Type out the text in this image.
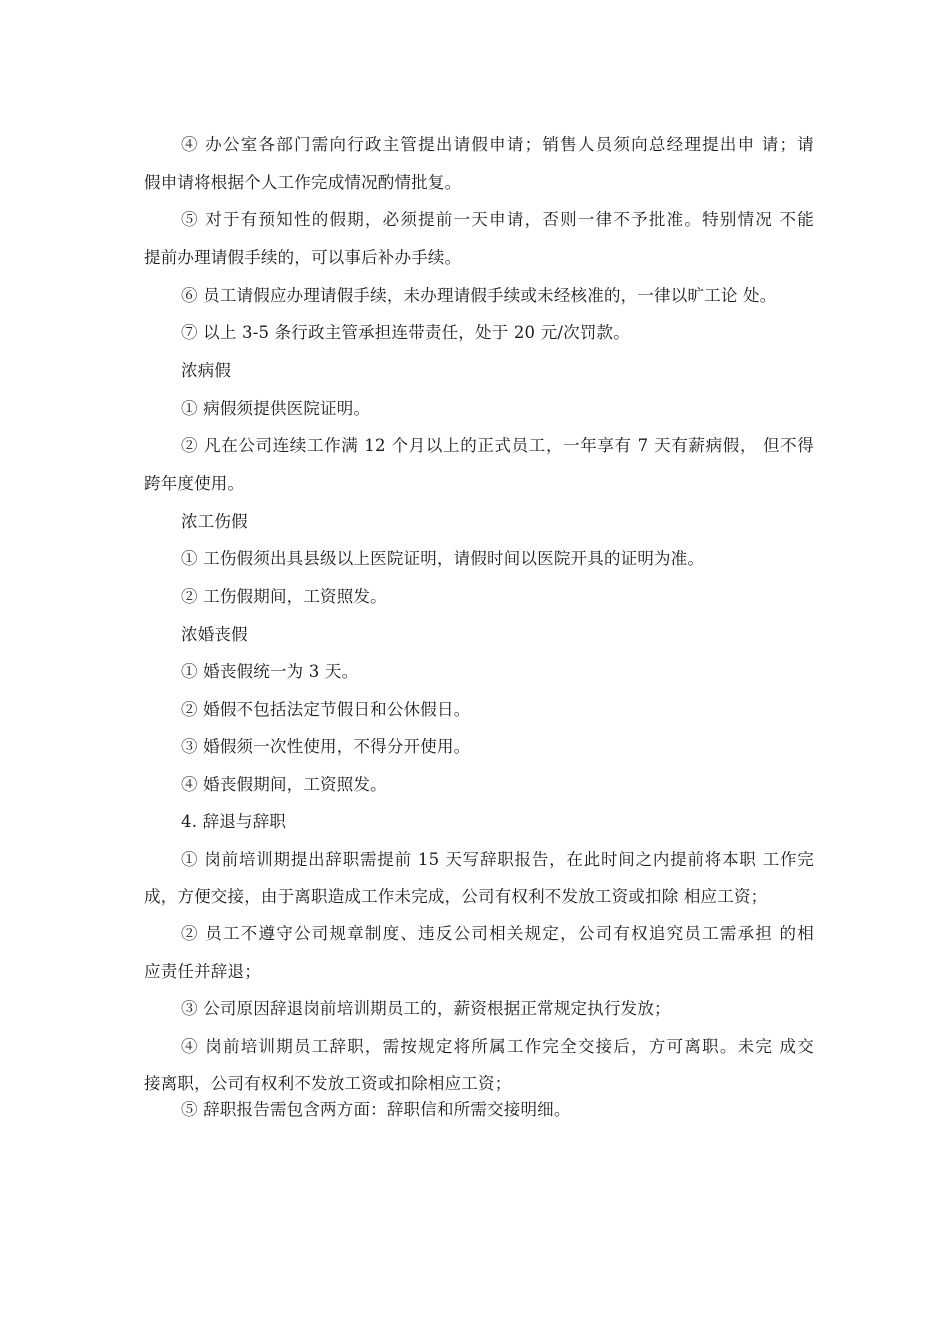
④ 办公室各部门需向行政主管提出请假申请；销售人员须向总经理提出申 请；请
假申请将根据个人工作完成情况酌情批复。
⑤ 对于有预知性的假期，必须提前一天申请，否则一律不予批准。特别情况 不能
提前办理请假手续的，可以事后补办手续。
⑥ 员工请假应办理请假手续，未办理请假手续或未经核准的，一律以旷工论 处。
⑦ 以上 3-5 条行政主管承担连带责任，处于 20 元/次罚款。
浓病假
① 病假须提供医院证明。
② 凡在公司连续工作满 12 个月以上的正式员工，一年享有 7 天有薪病假， 但不得
跨年度使用。
浓工伤假
① 工伤假须出具县级以上医院证明，请假时间以医院开具的证明为准。
② 工伤假期间，工资照发。
浓婚丧假
① 婚丧假统一为 3 天。
② 婚假不包括法定节假日和公休假日。
③ 婚假须一次性使用，不得分开使用。
④ 婚丧假期间，工资照发。
4. 辞退与辞职
① 岗前培训期提出辞职需提前 15 天写辞职报告，在此时间之内提前将本职 工作完
成，方便交接，由于离职造成工作未完成，公司有权利不发放工资或扣除 相应工资；
② 员工不遵守公司规章制度、违反公司相关规定，公司有权追究员工需承担 的相
应责任并辞退；
③ 公司原因辞退岗前培训期员工的，薪资根据正常规定执行发放；
④ 岗前培训期员工辞职，需按规定将所属工作完全交接后，方可离职。未完 成交
接离职，公司有权利不发放工资或扣除相应工资；
⑤ 辞职报告需包含两方面：辞职信和所需交接明细。
